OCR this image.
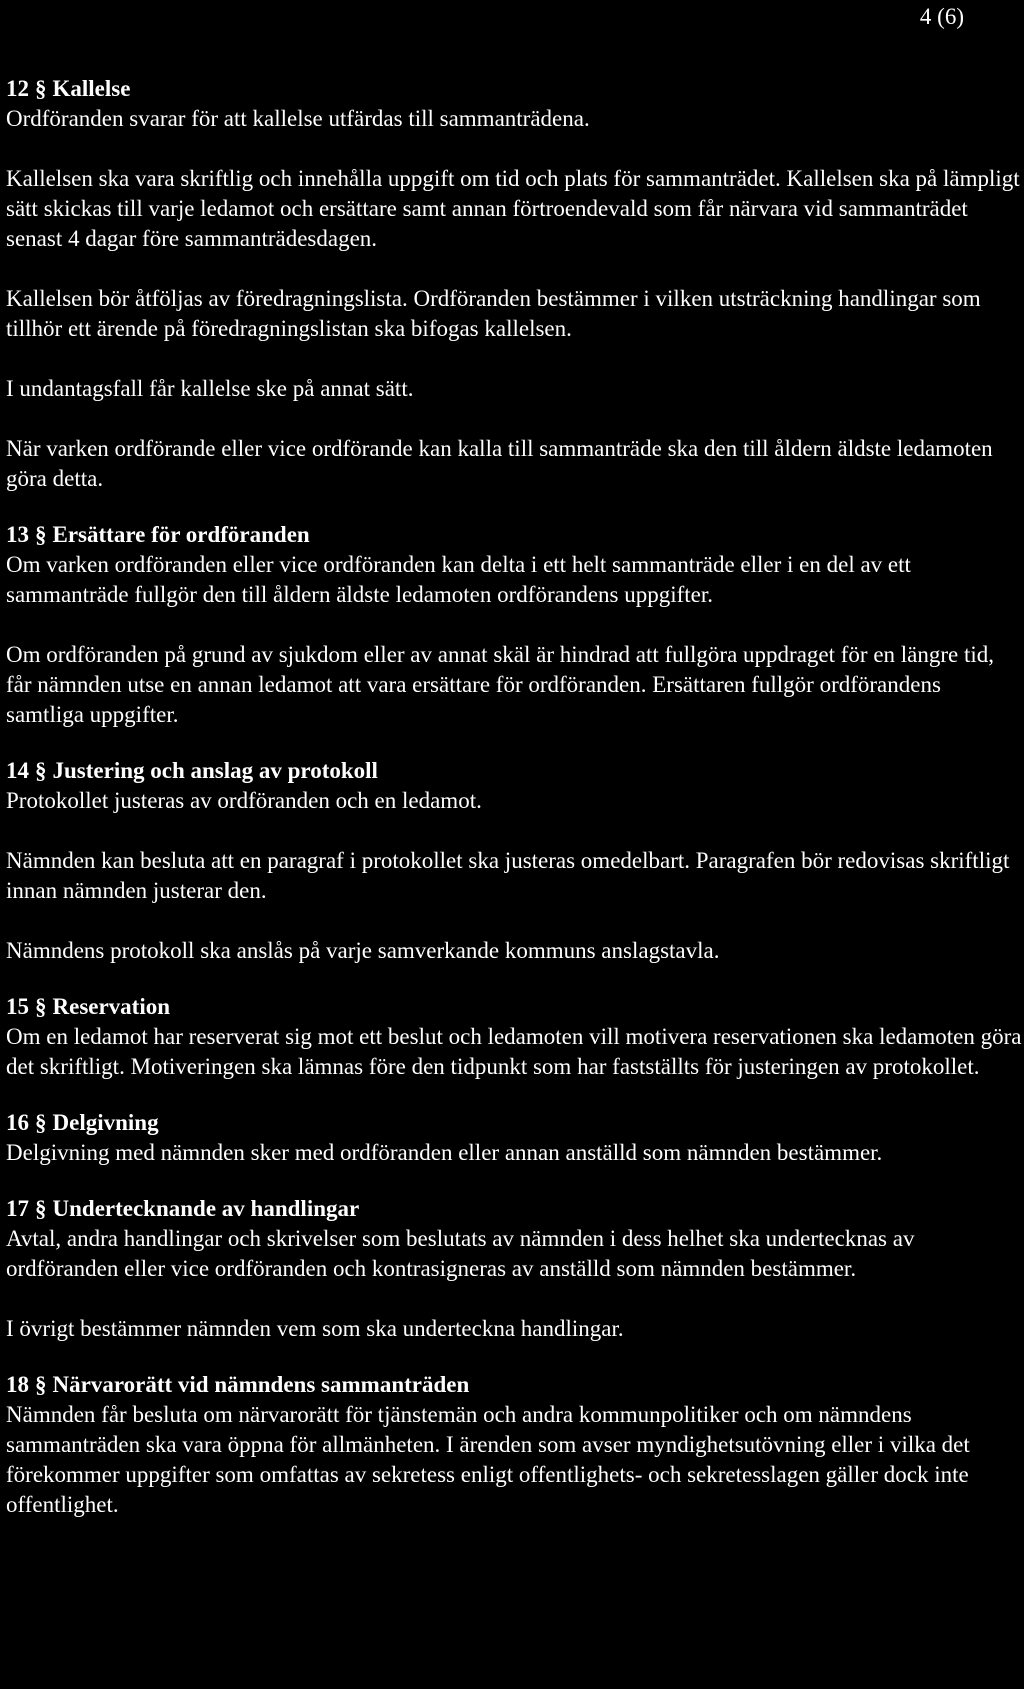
4 (6)
12 § Kallelse

Ordföranden svarar för att kallelse utfärdas till sammanträdena.

Kallelsen ska vara skriftlig och innehålla uppgift om tid och plats för sammanträdet. Kallelsen ska på lämpligt sätt skickas till varje ledamot och ersättare samt annan förtroendevald som får närvara vid sammanträdet senast 4 dagar före sammanträdesdagen.

Kallelsen bör åtföljas av föredragningslista. Ordföranden bestämmer i vilken utsträckning handlingar som tillhör ett ärende på föredragningslistan ska bifogas kallelsen.

I undantagsfall får kallelse ske på annat sätt.

När varken ordförande eller vice ordförande kan kalla till sammanträde ska den till åldern äldste ledamoten göra detta.

13 § Ersättare för ordföranden

Om varken ordföranden eller vice ordföranden kan delta i ett helt sammanträde eller i en del av ett sammanträde fullgör den till åldern äldste ledamoten ordförandens uppgifter.

Om ordföranden på grund av sjukdom eller av annat skäl är hindrad att fullgöra uppdraget för en längre tid, får nämnden utse en annan ledamot att vara ersättare för ordföranden. Ersättaren fullgör ordförandens samtliga uppgifter.

14 § Justering och anslag av protokoll

Protokollet justeras av ordföranden och en ledamot.

Nämnden kan besluta att en paragraf i protokollet ska justeras omedelbart. Paragrafen bör redovisas skriftligt innan nämnden justerar den.

Nämndens protokoll ska anslås på varje samverkande kommuns anslagstavla.

15 § Reservation

Om en ledamot har reserverat sig mot ett beslut och ledamoten vill motivera reservationen ska ledamoten göra det skriftligt. Motiveringen ska lämnas före den tidpunkt som har fastställts för justeringen av protokollet.

16 § Delgivning

Delgivning med nämnden sker med ordföranden eller annan anställd som nämnden bestämmer.

17 § Undertecknande av handlingar

Avtal, andra handlingar och skrivelser som beslutats av nämnden i dess helhet ska undertecknas av ordföranden eller vice ordföranden och kontrasigneras av anställd som nämnden bestämmer.

I övrigt bestämmer nämnden vem som ska underteckna handlingar.

18 § Närvarorätt vid nämndens sammanträden

Nämnden får besluta om närvarorätt för tjänstemän och andra kommunpolitiker och om nämndens sammanträden ska vara öppna för allmänheten. I ärenden som avser myndighetsutövning eller i vilka det förekommer uppgifter som omfattas av sekretess enligt offentlighets- och sekretesslagen gäller dock inte offentlighet.
